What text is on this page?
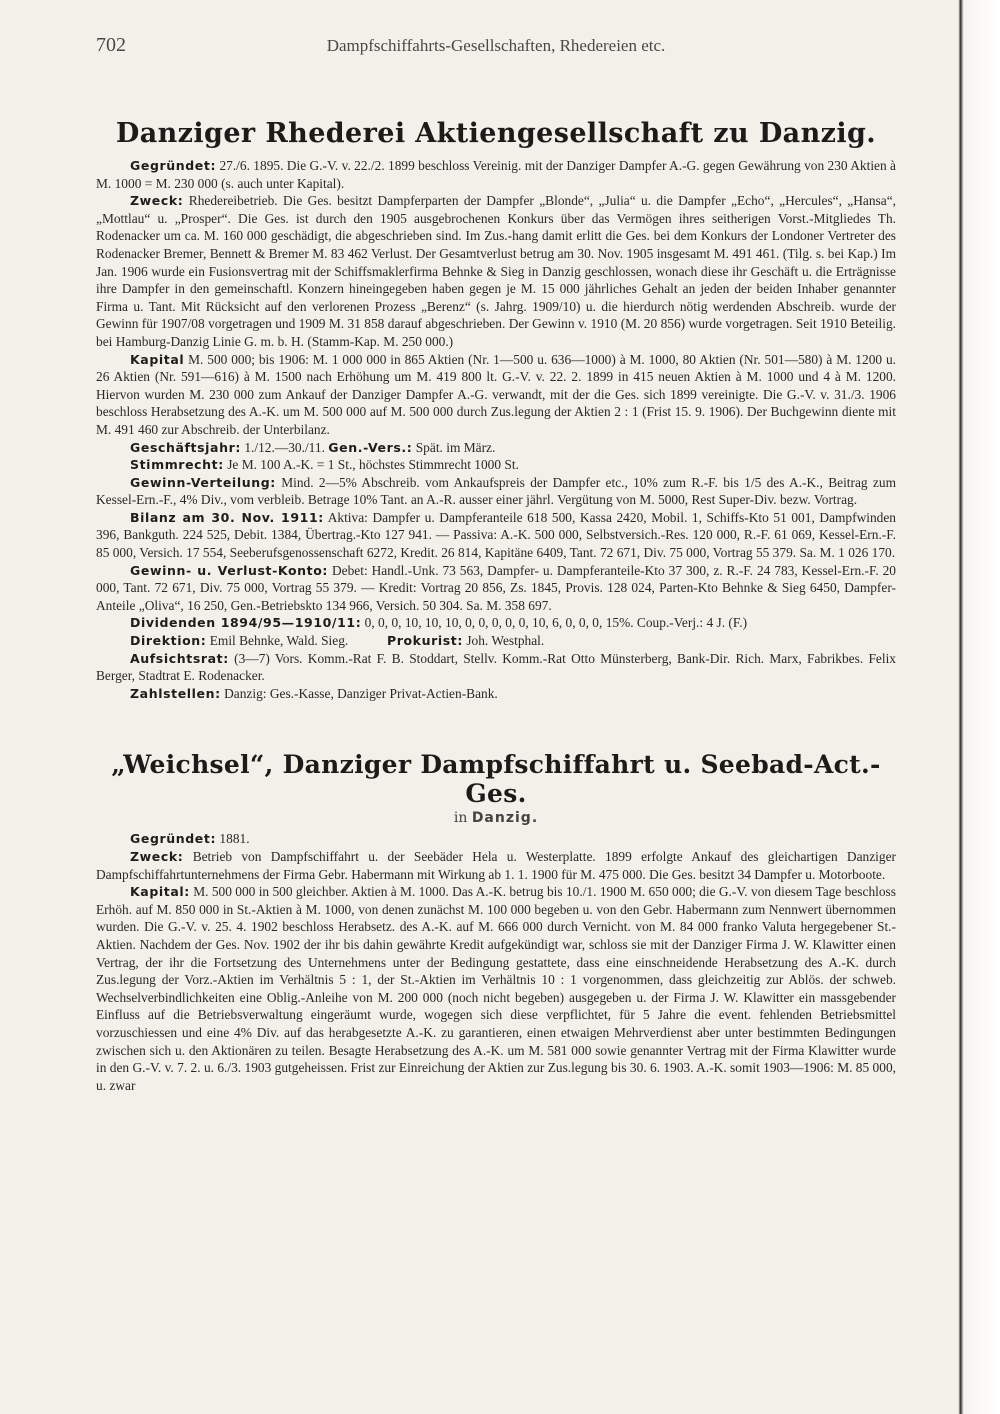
702	Dampfschiffahrts-Gesellschaften, Rhedereien etc.
Danziger Rhederei Aktiengesellschaft zu Danzig.

Gegründet: 27./6. 1895. Die G.-V. v. 22./2. 1899 beschloss Vereinig. mit der Danziger Dampfer A.-G. gegen Gewährung von 230 Aktien à M. 1000 = M. 230 000 (s. auch unter Kapital).

Zweck: Rhedereibetrieb. Die Ges. besitzt Dampferparten der Dampfer „Blonde“, „Julia“ u. die Dampfer „Echo“, „Hercules“, „Hansa“, „Mottlau“ u. „Prosper“. Die Ges. ist durch den 1905 ausgebrochenen Konkurs über das Vermögen ihres seitherigen Vorst.-Mitgliedes Th. Rodenacker um ca. M. 160 000 geschädigt, die abgeschrieben sind. Im Zus.-hang damit erlitt die Ges. bei dem Konkurs der Londoner Vertreter des Rodenacker Bremer, Bennett & Bremer M. 83 462 Verlust. Der Gesamtverlust betrug am 30. Nov. 1905 insgesamt M. 491 461. (Tilg. s. bei Kap.) Im Jan. 1906 wurde ein Fusionsvertrag mit der Schiffsmaklerfirma Behnke & Sieg in Danzig geschlossen, wonach diese ihr Geschäft u. die Erträgnisse ihre Dampfer in den gemeinschaftl. Konzern hineingegeben haben gegen je M. 15 000 jährliches Gehalt an jeden der beiden Inhaber genannter Firma u. Tant. Mit Rücksicht auf den verlorenen Prozess „Berenz“ (s. Jahrg. 1909/10) u. die hierdurch nötig werdenden Abschreib. wurde der Gewinn für 1907/08 vorgetragen und 1909 M. 31 858 darauf abgeschrieben. Der Gewinn v. 1910 (M. 20 856) wurde vorgetragen. Seit 1910 Beteilig. bei Hamburg-Danzig Linie G. m. b. H. (Stamm-Kap. M. 250 000.)

Kapital M. 500 000; bis 1906: M. 1 000 000 in 865 Aktien (Nr. 1—500 u. 636—1000) à M. 1000, 80 Aktien (Nr. 501—580) à M. 1200 u. 26 Aktien (Nr. 591—616) à M. 1500 nach Erhöhung um M. 419 800 lt. G.-V. v. 22. 2. 1899 in 415 neuen Aktien à M. 1000 und 4 à M. 1200. Hiervon wurden M. 230 000 zum Ankauf der Danziger Dampfer A.-G. verwandt, mit der die Ges. sich 1899 vereinigte. Die G.-V. v. 31./3. 1906 beschloss Herabsetzung des A.-K. um M. 500 000 auf M. 500 000 durch Zus.legung der Aktien 2 : 1 (Frist 15. 9. 1906). Der Buchgewinn diente mit M. 491 460 zur Abschreib. der Unterbilanz.

Geschäftsjahr: 1./12.—30./11. Gen.-Vers.: Spät. im März.

Stimmrecht: Je M. 100 A.-K. = 1 St., höchstes Stimmrecht 1000 St.

Gewinn-Verteilung: Mind. 2—5% Abschreib. vom Ankaufspreis der Dampfer etc., 10% zum R.-F. bis 1/5 des A.-K., Beitrag zum Kessel-Ern.-F., 4% Div., vom verbleib. Betrage 10% Tant. an A.-R. ausser einer jährl. Vergütung von M. 5000, Rest Super-Div. bezw. Vortrag.

Bilanz am 30. Nov. 1911: Aktiva: Dampfer u. Dampferanteile 618 500, Kassa 2420, Mobil. 1, Schiffs-Kto 51 001, Dampfwinden 396, Bankguth. 224 525, Debit. 1384, Übertrag.-Kto 127 941. — Passiva: A.-K. 500 000, Selbstversich.-Res. 120 000, R.-F. 61 069, Kessel-Ern.-F. 85 000, Versich. 17 554, Seeberufsgenossenschaft 6272, Kredit. 26 814, Kapitäne 6409, Tant. 72 671, Div. 75 000, Vortrag 55 379. Sa. M. 1 026 170.

Gewinn- u. Verlust-Konto: Debet: Handl.-Unk. 73 563, Dampfer- u. Dampferanteile-Kto 37 300, z. R.-F. 24 783, Kessel-Ern.-F. 20 000, Tant. 72 671, Div. 75 000, Vortrag 55 379. — Kredit: Vortrag 20 856, Zs. 1845, Provis. 128 024, Parten-Kto Behnke & Sieg 6450, Dampfer-Anteile „Oliva“, 16 250, Gen.-Betriebskto 134 966, Versich. 50 304. Sa. M. 358 697.

Dividenden 1894/95—1910/11: 0, 0, 0, 10, 10, 10, 0, 0, 0, 0, 0, 10, 6, 0, 0, 0, 15%. Coup.-Verj.: 4 J. (F.)

Direktion: Emil Behnke, Wald. Sieg.	Prokurist: Joh. Westphal.

Aufsichtsrat: (3—7) Vors. Komm.-Rat F. B. Stoddart, Stellv. Komm.-Rat Otto Münsterberg, Bank-Dir. Rich. Marx, Fabrikbes. Felix Berger, Stadtrat E. Rodenacker.

Zahlstellen: Danzig: Ges.-Kasse, Danziger Privat-Actien-Bank.

„Weichsel“, Danziger Dampfschiffahrt u. Seebad-Act.-Ges.
in Danzig.

Gegründet: 1881.

Zweck: Betrieb von Dampfschiffahrt u. der Seebäder Hela u. Westerplatte. 1899 erfolgte Ankauf des gleichartigen Danziger Dampfschiffahrtunternehmens der Firma Gebr. Habermann mit Wirkung ab 1. 1. 1900 für M. 475 000. Die Ges. besitzt 34 Dampfer u. Motorboote.

Kapital: M. 500 000 in 500 gleichber. Aktien à M. 1000. Das A.-K. betrug bis 10./1. 1900 M. 650 000; die G.-V. von diesem Tage beschloss Erhöh. auf M. 850 000 in St.-Aktien à M. 1000, von denen zunächst M. 100 000 begeben u. von den Gebr. Habermann zum Nennwert übernommen wurden. Die G.-V. v. 25. 4. 1902 beschloss Herabsetz. des A.-K. auf M. 666 000 durch Vernicht. von M. 84 000 franko Valuta hergegebener St.-Aktien. Nachdem der Ges. Nov. 1902 der ihr bis dahin gewährte Kredit aufgekündigt war, schloss sie mit der Danziger Firma J. W. Klawitter einen Vertrag, der ihr die Fortsetzung des Unternehmens unter der Bedingung gestattete, dass eine einschneidende Herabsetzung des A.-K. durch Zus.legung der Vorz.-Aktien im Verhältnis 5 : 1, der St.-Aktien im Verhältnis 10 : 1 vorgenommen, dass gleichzeitig zur Ablös. der schweb. Wechselverbindlichkeiten eine Oblig.-Anleihe von M. 200 000 (noch nicht begeben) ausgegeben u. der Firma J. W. Klawitter ein massgebender Einfluss auf die Betriebsverwaltung eingeräumt wurde, wogegen sich diese verpflichtet, für 5 Jahre die event. fehlenden Betriebsmittel vorzuschiessen und eine 4% Div. auf das herabgesetzte A.-K. zu garantieren, einen etwaigen Mehrverdienst aber unter bestimmten Bedingungen zwischen sich u. den Aktionären zu teilen. Besagte Herabsetzung des A.-K. um M. 581 000 sowie genannter Vertrag mit der Firma Klawitter wurde in den G.-V. v. 7. 2. u. 6./3. 1903 gutgeheissen. Frist zur Einreichung der Aktien zur Zus.legung bis 30. 6. 1903. A.-K. somit 1903—1906: M. 85 000, u. zwar
